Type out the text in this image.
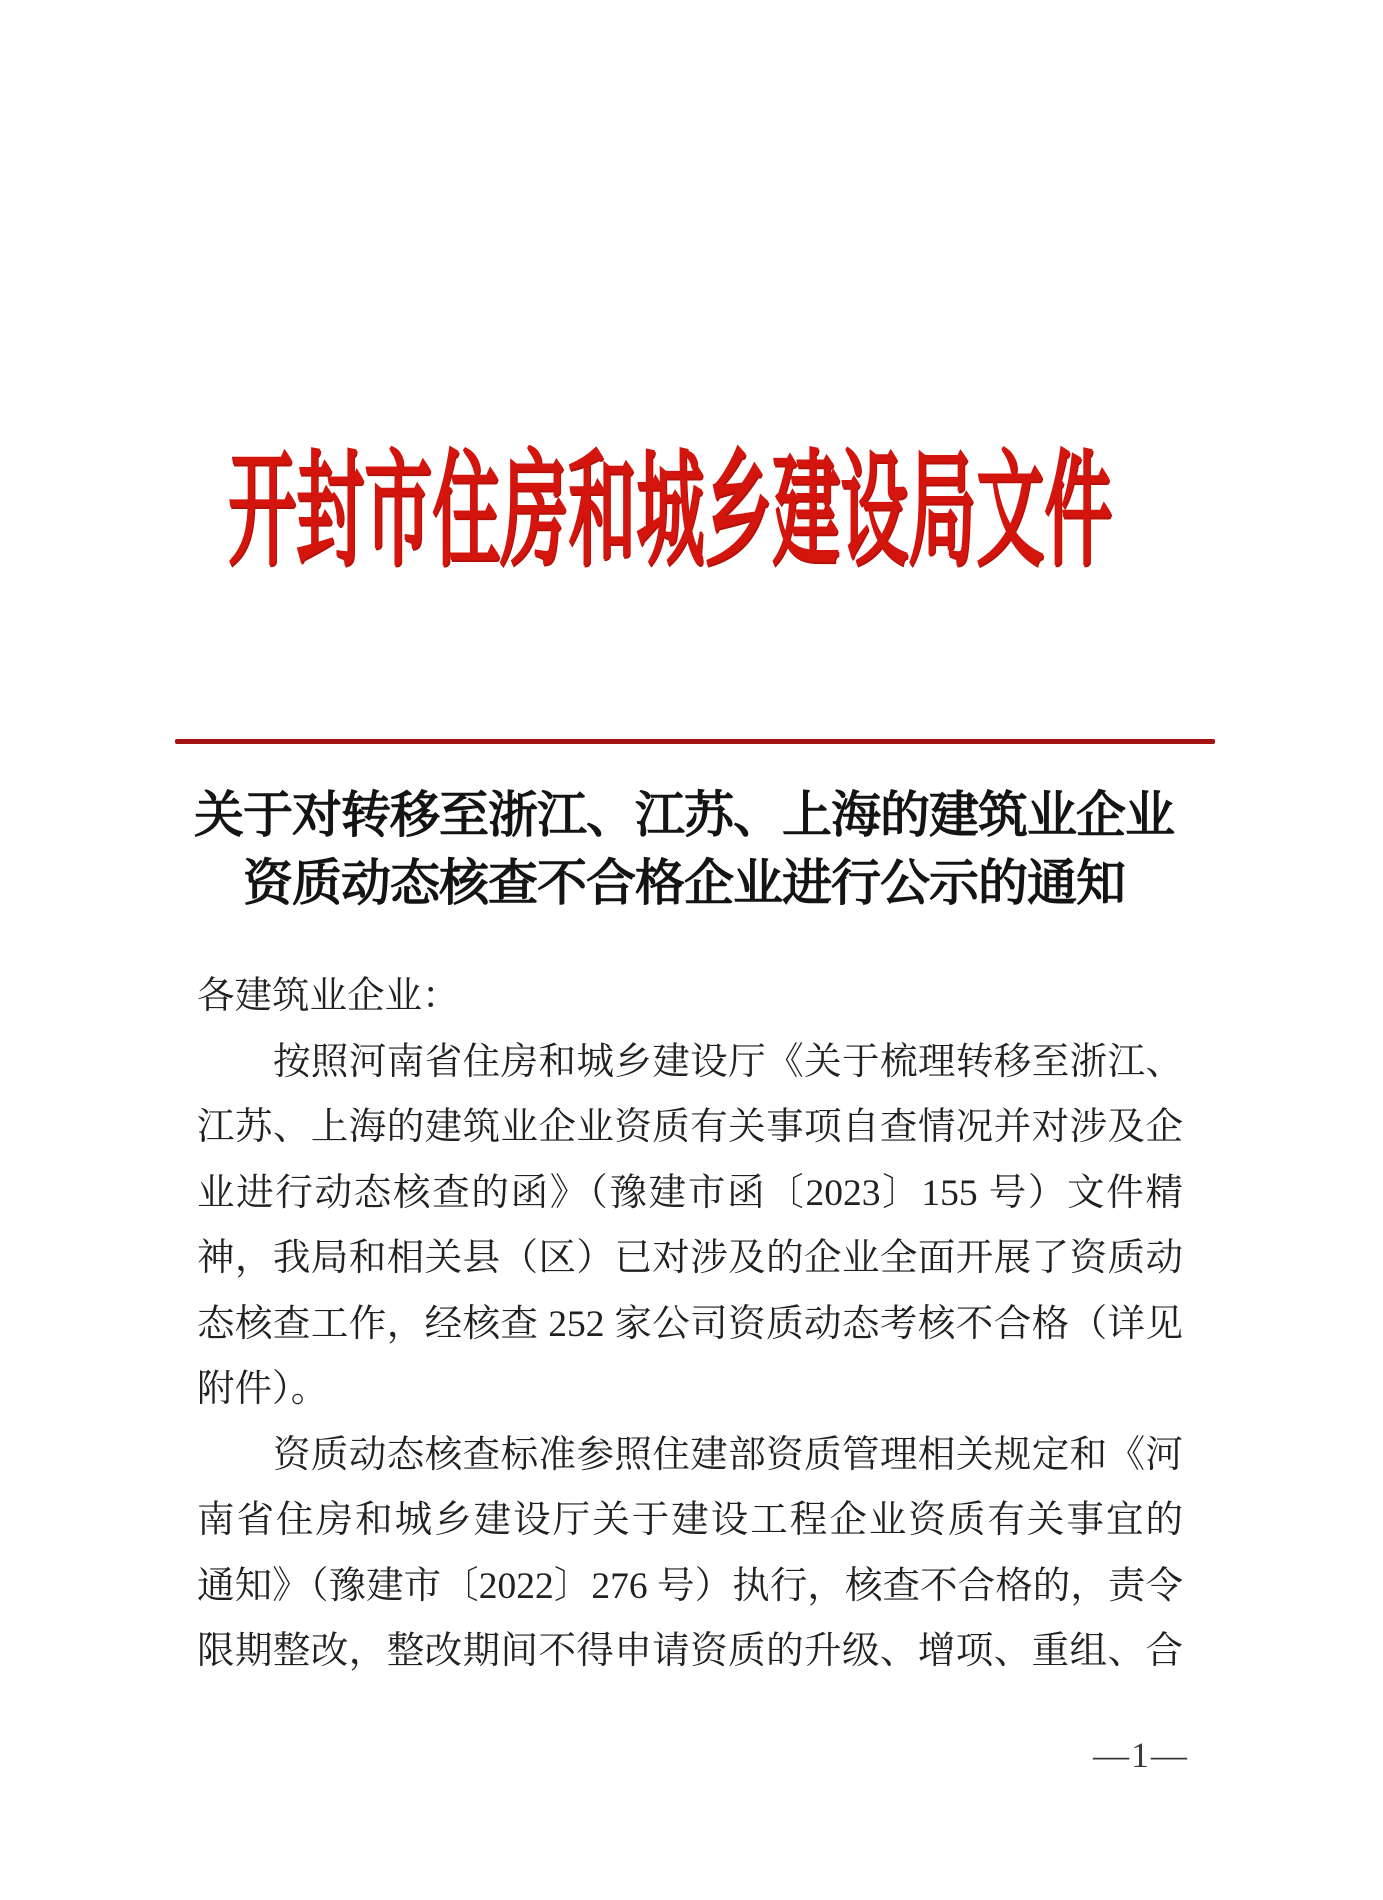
开封市住房和城乡建设局文件
关于对转移至浙江、江苏、上海的建筑业企业
资质动态核查不合格企业进行公示的通知
各建筑业企业：
按照河南省住房和城乡建设厅《关于梳理转移至浙江、
江苏、上海的建筑业企业资质有关事项自查情况并对涉及企
业进行动态核查的函》（豫建市函〔2023〕155 号）文件精
神，我局和相关县（区）已对涉及的企业全面开展了资质动
态核查工作，经核查 252 家公司资质动态考核不合格（详见
附件）。
资质动态核查标准参照住建部资质管理相关规定和《河
南省住房和城乡建设厅关于建设工程企业资质有关事宜的
通知》（豫建市〔2022〕276 号）执行，核查不合格的，责令
限期整改，整改期间不得申请资质的升级、增项、重组、合
—1—
